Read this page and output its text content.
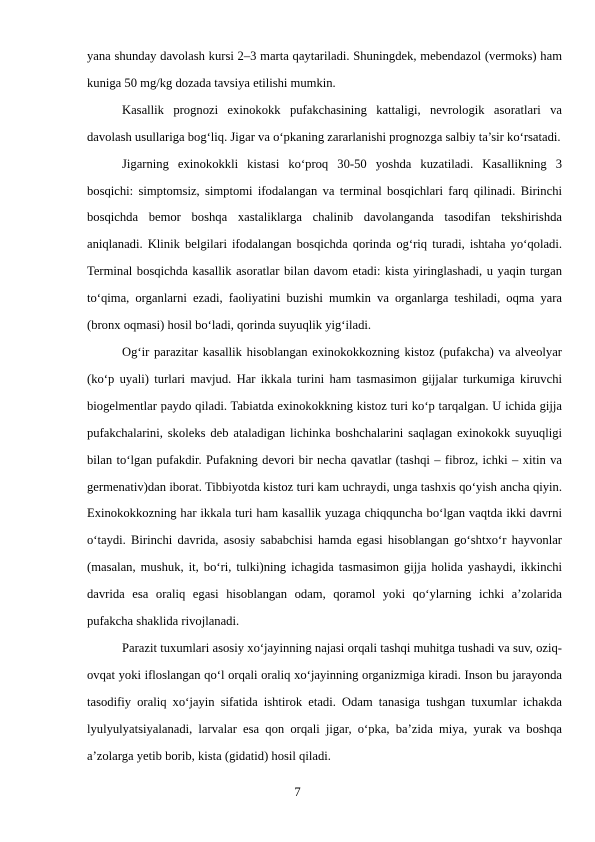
yana shunday davolash kursi 2–3 marta qaytariladi. Shuningdek, mebendazol (vermoks) ham kuniga 50 mg/kg dozada tavsiya etilishi mumkin.

Kasallik prognozi exinokokk pufakchasining kattaligi, nevrologik asoratlari va davolash usullariga bog‘liq. Jigar va o‘pkaning zararlanishi prognozga salbiy ta’sir ko‘rsatadi.

Jigarning exinokokkli kistasi ko‘proq 30-50 yoshda kuzatiladi. Kasallikning 3 bosqichi: simptomsiz, simptomi ifodalangan va terminal bosqichlari farq qilinadi. Birinchi bosqichda bemor boshqa xastaliklarga chalinib davolanganda tasodifan tekshirishda aniqlanadi. Klinik belgilari ifodalangan bosqichda qorinda og‘riq turadi, ishtaha yo‘qoladi. Terminal bosqichda kasallik asoratlar bilan davom etadi: kista yiringlashadi, u yaqin turgan to‘qima, organlarni ezadi, faoliyatini buzishi mumkin va organlarga teshiladi, oqma yara (bronx oqmasi) hosil bo‘ladi, qorinda suyuqlik yig‘iladi.

Og‘ir parazitar kasallik hisoblangan exinokokkozning kistoz (pufakcha) va alveolyar (ko‘p uyali) turlari mavjud. Har ikkala turini ham tasmasimon gijjalar turkumiga kiruvchi biogelmentlar paydo qiladi. Tabiatda exinokokkning kistoz turi ko‘p tarqalgan. U ichida gijja pufakchalarini, skoleks deb ataladigan lichinka boshchalarini saqlagan exinokokk suyuqligi bilan to‘lgan pufakdir. Pufakning devori bir necha qavatlar (tashqi – fibroz, ichki – xitin va germenativ)dan iborat. Tibbiyotda kistoz turi kam uchraydi, unga tashxis qo‘yish ancha qiyin. Exinokokkozning har ikkala turi ham kasallik yuzaga chiqquncha bo‘lgan vaqtda ikki davrni o‘taydi. Birinchi davrida, asosiy sababchisi hamda egasi hisoblangan go‘shtxo‘r hayvonlar (masalan, mushuk, it, bo‘ri, tulki)ning ichagida tasmasimon gijja holida yashaydi, ikkinchi davrida esa oraliq egasi hisoblangan odam, qoramol yoki qo‘ylarning ichki a’zolarida pufakcha shaklida rivojlanadi.

Parazit tuxumlari asosiy xo‘jayinning najasi orqali tashqi muhitga tushadi va suv, oziq-ovqat yoki ifloslangan qo‘l orqali oraliq xo‘jayinning organizmiga kiradi. Inson bu jarayonda tasodifiy oraliq xo‘jayin sifatida ishtirok etadi. Odam tanasiga tushgan tuxumlar ichakda lyulyulyatsiyalanadi, larvalar esa qon orqali jigar, o‘pka, ba’zida miya, yurak va boshqa a’zolarga yetib borib, kista (gidatid) hosil qiladi.

7
